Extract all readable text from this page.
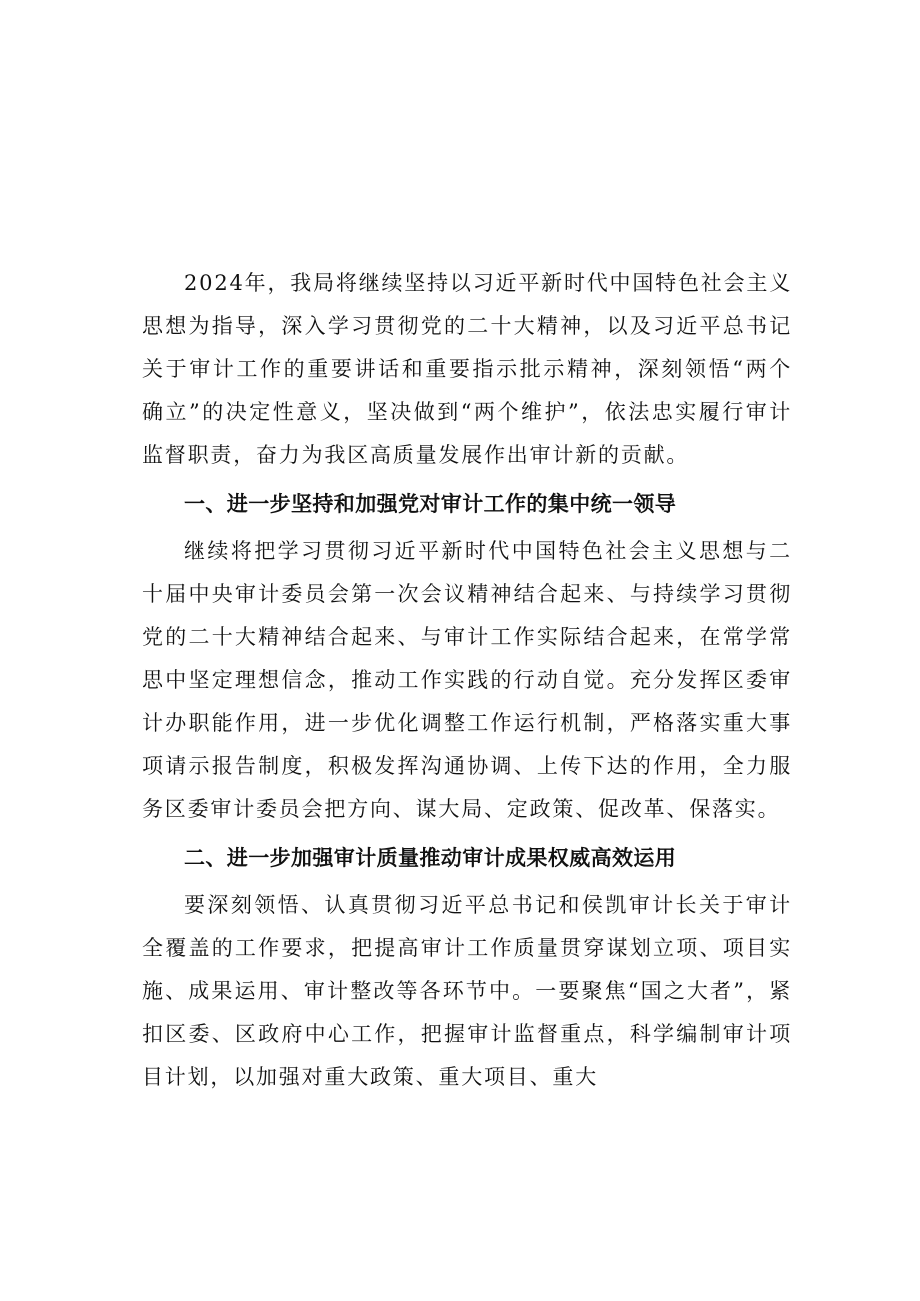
2024年，我局将继续坚持以习近平新时代中国特色社会主义思想为指导，深入学习贯彻党的二十大精神，以及习近平总书记关于审计工作的重要讲话和重要指示批示精神，深刻领悟“两个确立”的决定性意义，坚决做到“两个维护”，依法忠实履行审计监督职责，奋力为我区高质量发展作出审计新的贡献。

一、进一步坚持和加强党对审计工作的集中统一领导

继续将把学习贯彻习近平新时代中国特色社会主义思想与二十届中央审计委员会第一次会议精神结合起来、与持续学习贯彻党的二十大精神结合起来、与审计工作实际结合起来，在常学常思中坚定理想信念，推动工作实践的行动自觉。充分发挥区委审计办职能作用，进一步优化调整工作运行机制，严格落实重大事项请示报告制度，积极发挥沟通协调、上传下达的作用，全力服务区委审计委员会把方向、谋大局、定政策、促改革、保落实。

二、进一步加强审计质量推动审计成果权威高效运用

要深刻领悟、认真贯彻习近平总书记和侯凯审计长关于审计全覆盖的工作要求，把提高审计工作质量贯穿谋划立项、项目实施、成果运用、审计整改等各环节中。一要聚焦“国之大者”，紧扣区委、区政府中心工作，把握审计监督重点，科学编制审计项目计划，以加强对重大政策、重大项目、重大
